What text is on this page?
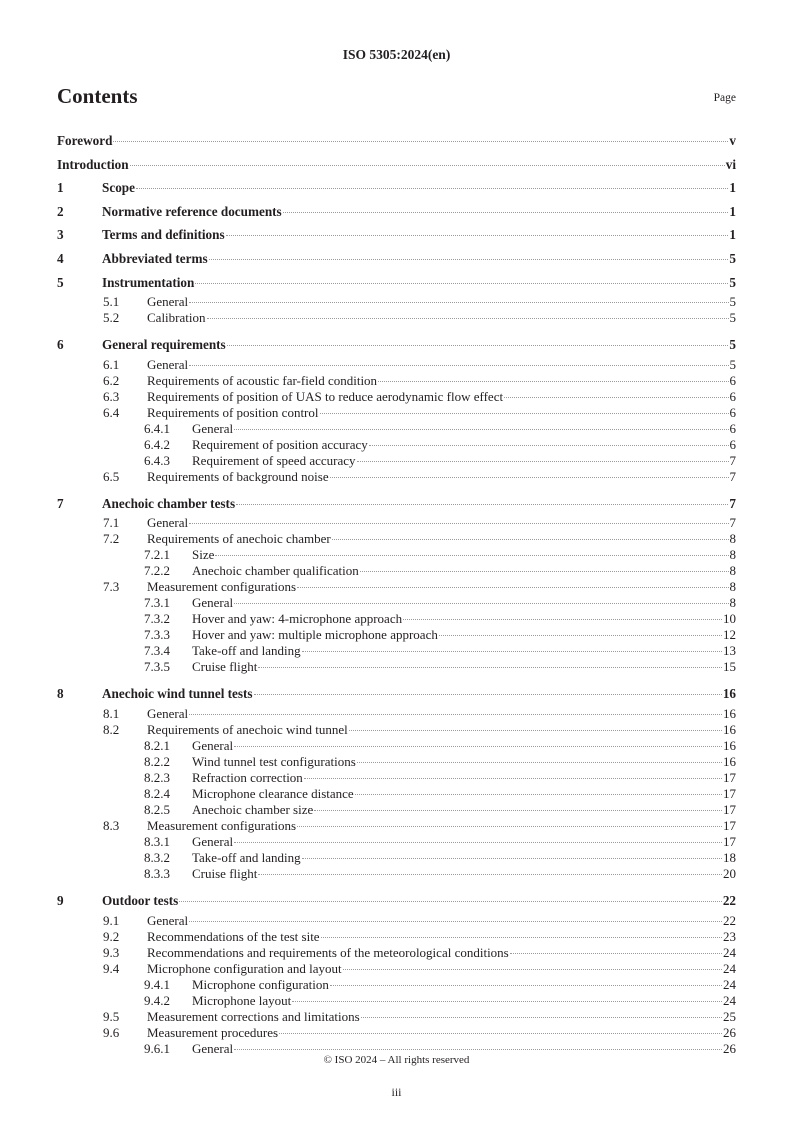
ISO 5305:2024(en)
Contents	Page
Foreword	v
Introduction	vi
1	Scope	1
2	Normative reference documents	1
3	Terms and definitions	1
4	Abbreviated terms	5
5	Instrumentation	5
5.1	General	5
5.2	Calibration	5
6	General requirements	5
6.1	General	5
6.2	Requirements of acoustic far-field condition	6
6.3	Requirements of position of UAS to reduce aerodynamic flow effect	6
6.4	Requirements of position control	6
6.4.1	General	6
6.4.2	Requirement of position accuracy	6
6.4.3	Requirement of speed accuracy	7
6.5	Requirements of background noise	7
7	Anechoic chamber tests	7
7.1	General	7
7.2	Requirements of anechoic chamber	8
7.2.1	Size	8
7.2.2	Anechoic chamber qualification	8
7.3	Measurement configurations	8
7.3.1	General	8
7.3.2	Hover and yaw: 4-microphone approach	10
7.3.3	Hover and yaw: multiple microphone approach	12
7.3.4	Take-off and landing	13
7.3.5	Cruise flight	15
8	Anechoic wind tunnel tests	16
8.1	General	16
8.2	Requirements of anechoic wind tunnel	16
8.2.1	General	16
8.2.2	Wind tunnel test configurations	16
8.2.3	Refraction correction	17
8.2.4	Microphone clearance distance	17
8.2.5	Anechoic chamber size	17
8.3	Measurement configurations	17
8.3.1	General	17
8.3.2	Take-off and landing	18
8.3.3	Cruise flight	20
9	Outdoor tests	22
9.1	General	22
9.2	Recommendations of the test site	23
9.3	Recommendations and requirements of the meteorological conditions	24
9.4	Microphone configuration and layout	24
9.4.1	Microphone configuration	24
9.4.2	Microphone layout	24
9.5	Measurement corrections and limitations	25
9.6	Measurement procedures	26
9.6.1	General	26
© ISO 2024 – All rights reserved
iii
